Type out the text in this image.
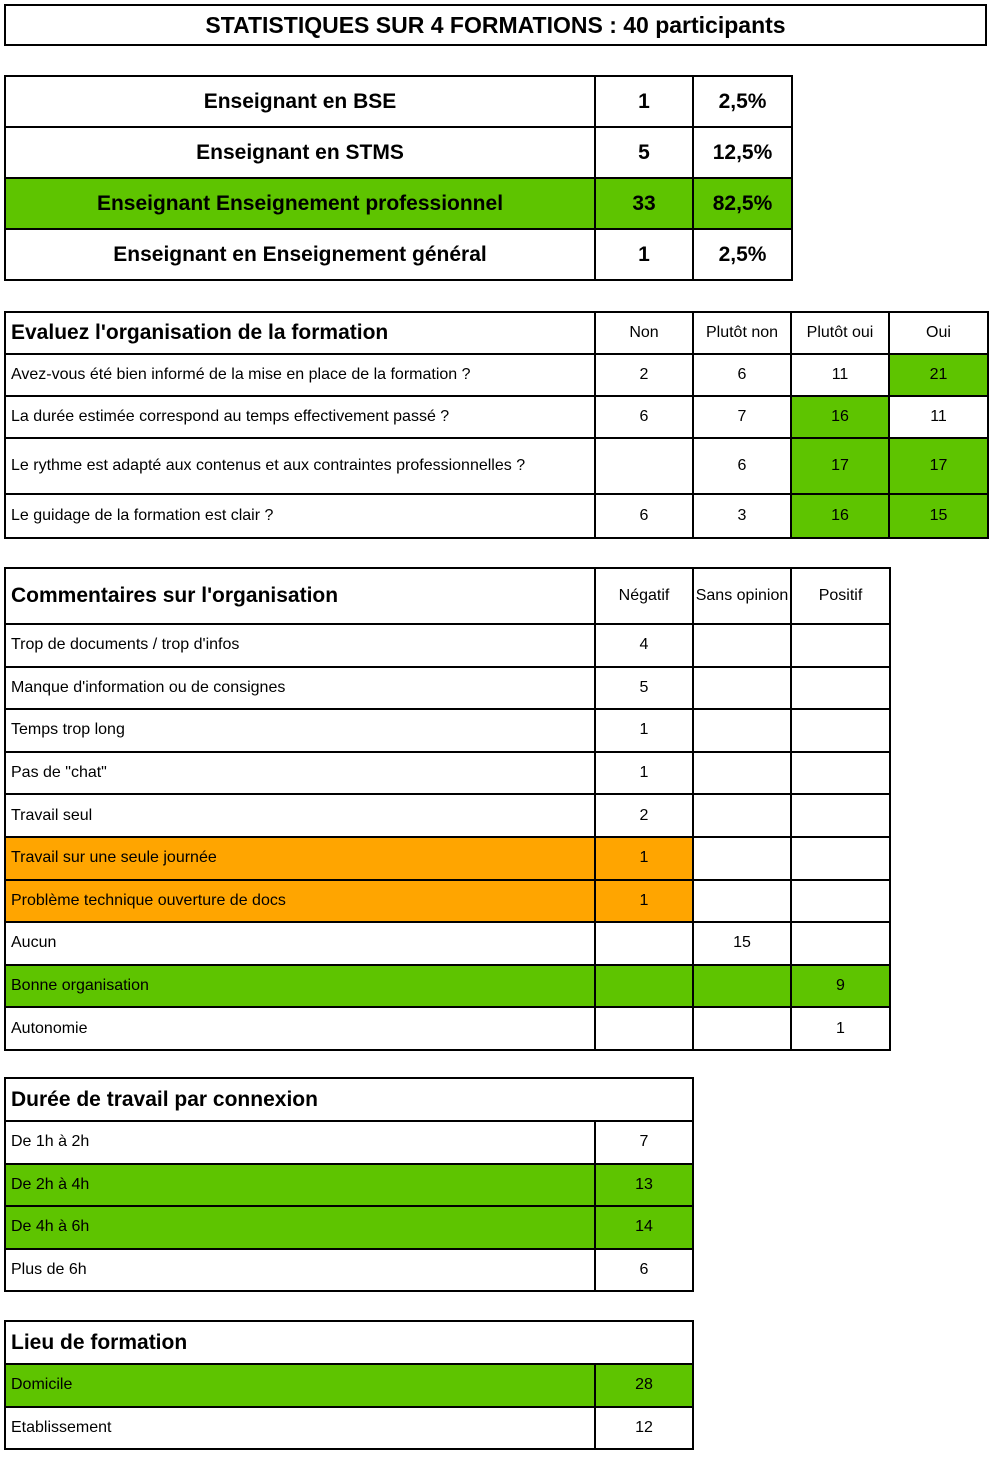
STATISTIQUES SUR 4 FORMATIONS : 40 participants
Enseignant en BSE	1	2,5%
Enseignant en STMS	5	12,5%
Enseignant Enseignement professionnel	33	82,5%
Enseignant en Enseignement général	1	2,5%
Evaluez l'organisation de la formation	Non	Plutôt non	Plutôt oui	Oui
Avez-vous été bien informé de la mise en place de la formation ?	2	6	11	21
La durée estimée correspond au temps effectivement passé ?	6	7	16	11
Le rythme est adapté aux contenus et aux contraintes professionnelles ?		6	17	17
Le guidage de la formation est clair ?	6	3	16	15
Commentaires sur l'organisation	Négatif	Sans opinion	Positif
Trop de documents / trop d'infos	4		
Manque d'information ou de consignes	5		
Temps trop long	1		
Pas de "chat"	1		
Travail seul	2		
Travail sur une seule journée	1		
Problème technique ouverture de docs	1		
Aucun		15	
Bonne organisation			9
Autonomie			1
Durée de travail par connexion	
De 1h à 2h	7
De 2h à 4h	13
De 4h à 6h	14
Plus de 6h	6
Lieu de formation	
Domicile	28
Etablissement	12
